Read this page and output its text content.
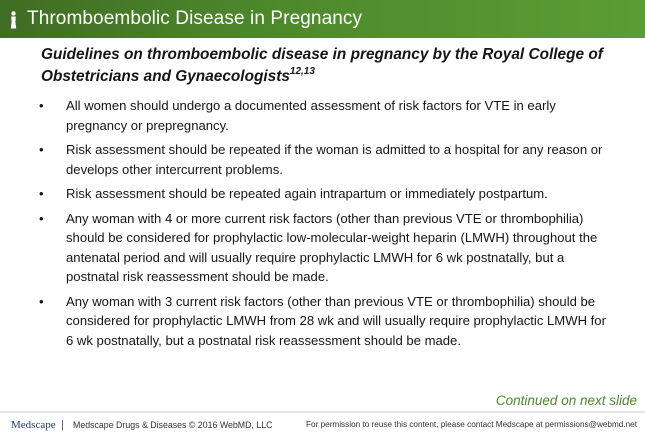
Thromboembolic Disease in Pregnancy
Guidelines on thromboembolic disease in pregnancy by the Royal College of Obstetricians and Gynaecologists$^{12,13}$
• All women should undergo a documented assessment of risk factors for VTE in early pregnancy or prepregnancy.
• Risk assessment should be repeated if the woman is admitted to a hospital for any reason or develops other intercurrent problems.
• Risk assessment should be repeated again intrapartum or immediately postpartum.
• Any woman with 4 or more current risk factors (other than previous VTE or thrombophilia) should be considered for prophylactic low-molecular-weight heparin (LMWH) throughout the antenatal period and will usually require prophylactic LMWH for 6 wk postnatally, but a postnatal risk reassessment should be made.
• Any woman with 3 current risk factors (other than previous VTE or thrombophilia) should be considered for prophylactic LMWH from 28 wk and will usually require prophylactic LMWH for 6 wk postnatally, but a postnatal risk reassessment should be made.
Continued on next slide
Medscape | Medscape Drugs & Diseases © 2016 WebMD, LLC	For permission to reuse this content, please contact Medscape at permissions@webmd.net
